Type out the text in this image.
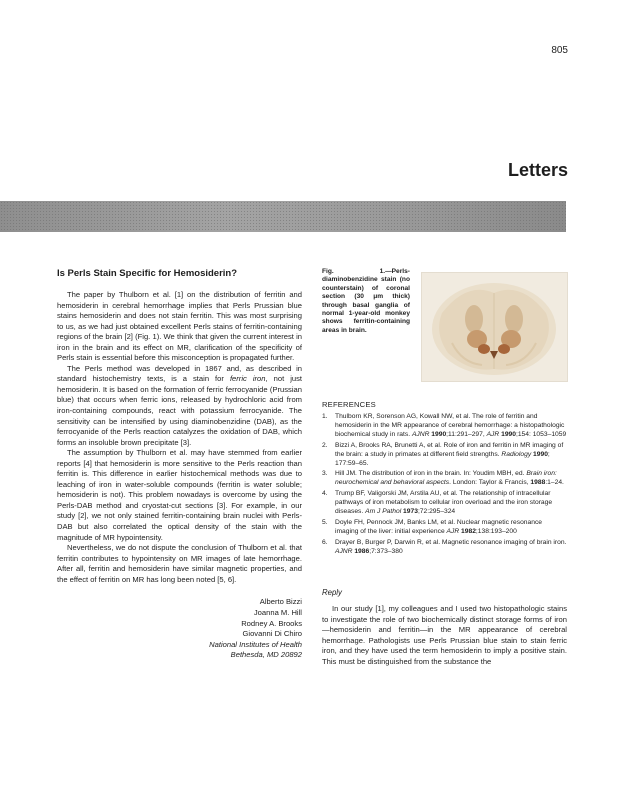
805
Letters
Is Perls Stain Specific for Hemosiderin?

The paper by Thulborn et al. [1] on the distribution of ferritin and hemosiderin in cerebral hemorrhage implies that Perls Prussian blue stains hemosiderin and does not stain ferritin. This was most surprising to us, as we had just obtained excellent Perls stains of ferritin-containing regions of the brain [2] (Fig. 1). We think that given the current interest in iron in the brain and its effect on MR, clarification of the specificity of Perls stain is essential before this misconception is propagated further.

The Perls method was developed in 1867 and, as described in standard histochemistry texts, is a stain for ferric iron, not just hemosiderin. It is based on the formation of ferric ferrocyanide (Prussian blue) that occurs when ferric ions, released by hydrochloric acid from iron-containing compounds, react with potassium ferrocyanide. The sensitivity can be intensified by using diaminobenzidine (DAB), as the ferrocyanide of the Perls reaction catalyzes the oxidation of DAB, which forms an insoluble brown precipitate [3].

The assumption by Thulborn et al. may have stemmed from earlier reports [4] that hemosiderin is more sensitive to the Perls reaction than ferritin is. This difference in earlier histochemical methods was due to leaching of iron in water-soluble compounds (ferritin is water soluble; hemosiderin is not). This problem nowadays is overcome by using the Perls-DAB method and cryostat-cut sections [3]. For example, in our study [2], we not only stained ferritin-containing brain nuclei with Perls-DAB but also correlated the optical density of the stain with the magnitude of MR hypointensity.

Nevertheless, we do not dispute the conclusion of Thulborn et al. that ferritin contributes to hypointensity on MR images of late hemorrhage. After all, ferritin and hemosiderin have similar magnetic properties, and the effect of ferritin on MR has long been noted [5, 6].

Alberto Bizzi
Joanna M. Hill
Rodney A. Brooks
Giovanni Di Chiro
National Institutes of Health
Bethesda, MD 20892

Fig. 1.—Perls-diaminobenzidine stain (no counterstain) of coronal section (30 μm thick) through basal ganglia of normal 1-year-old monkey shows ferritin-containing areas in brain.

REFERENCES
1. Thulborn KR, Sorenson AG, Kowall NW, et al. The role of ferritin and hemosiderin in the MR appearance of cerebral hemorrhage: a histopathologic biochemical study in rats. AJNR 1990;11:291–297, AJR 1990;154: 1053–1059
2. Bizzi A, Brooks RA, Brunetti A, et al. Role of iron and ferritin in MR imaging of the brain: a study in primates at different field strengths. Radiology 1990; 177:59–65.
3. Hill JM. The distribution of iron in the brain. In: Youdim MBH, ed. Brain iron: neurochemical and behavioral aspects. London: Taylor & Francis, 1988:1–24.
4. Trump BF, Valigorski JM, Arstila AU, et al. The relationship of intracellular pathways of iron metabolism to cellular iron overload and the iron storage diseases. Am J Pathol 1973;72:295–324
5. Doyle FH, Pennock JM, Banks LM, et al. Nuclear magnetic resonance imaging of the liver: initial experience AJR 1982;138:193–200
6. Drayer B, Burger P, Darwin R, et al. Magnetic resonance imaging of brain iron. AJNR 1986;7:373–380
Reply

In our study [1], my colleagues and I used two histopathologic stains to investigate the role of two biochemically distinct storage forms of iron—hemosiderin and ferritin—in the MR appearance of cerebral hemorrhage. Pathologists use Perls Prussian blue stain to stain ferric iron, and they have used the term hemosiderin to imply a positive stain. This must be distinguished from the substance the
